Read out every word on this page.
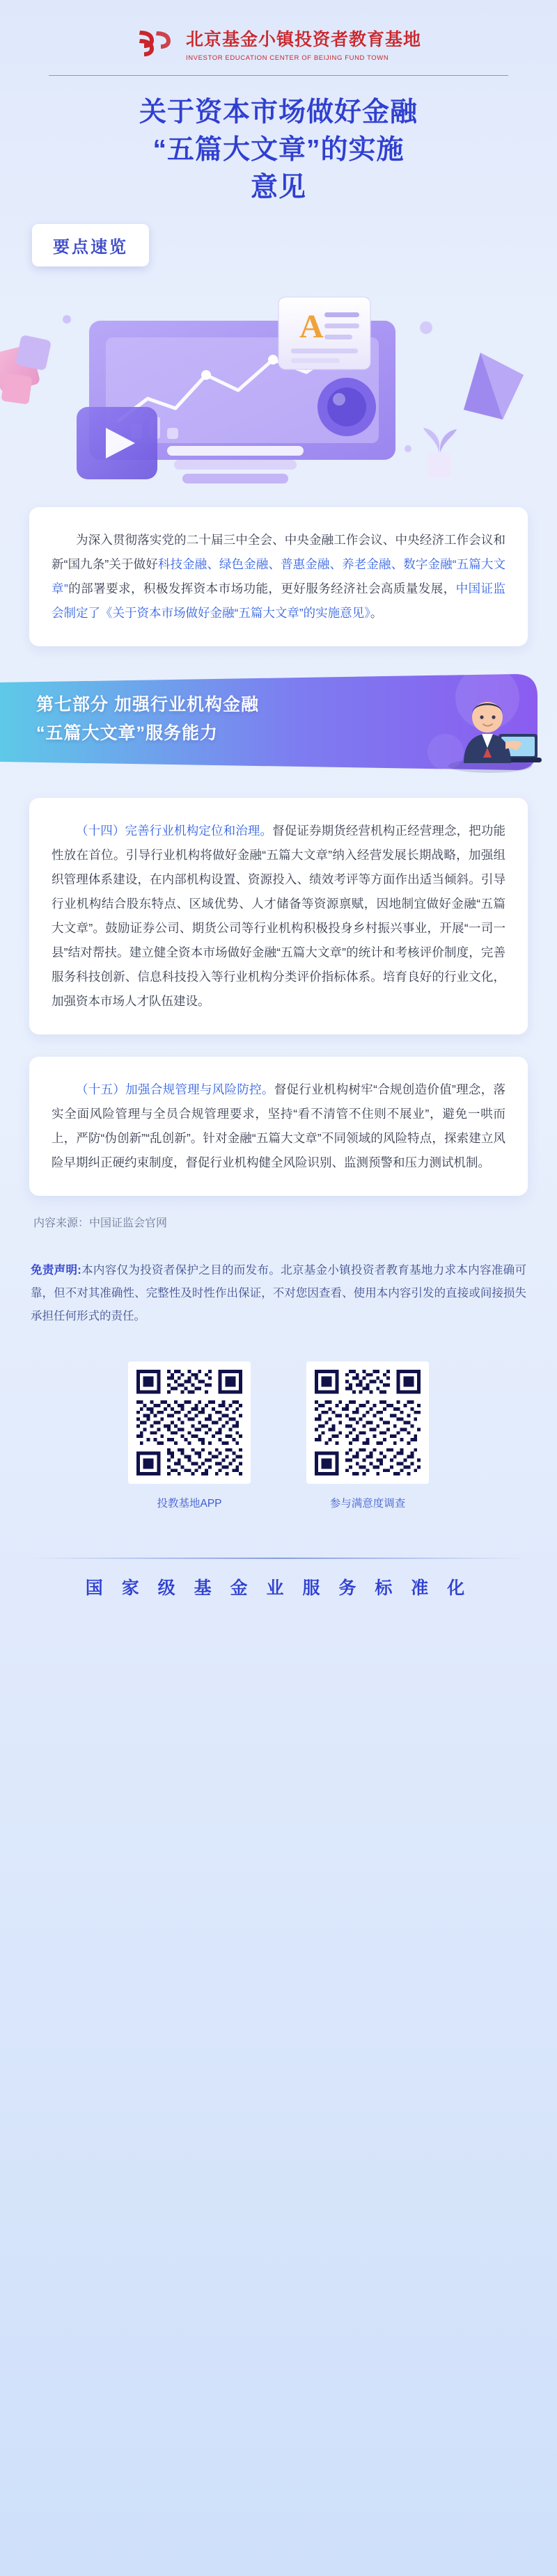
北京基金小镇投资者教育基地
INVESTOR EDUCATION CENTER OF BEIJING FUND TOWN
关于资本市场做好金融
“五篇大文章”的实施
意见
要点速览
A

为深入贯彻落实党的二十届三中全会、中央金融工作会议、中央经济工作会议和新“国九条”关于做好科技金融、绿色金融、普惠金融、养老金融、数字金融“五篇大文章”的部署要求，积极发挥资本市场功能，更好服务经济社会高质量发展，中国证监会制定了《关于资本市场做好金融“五篇大文章”的实施意见》。

第七部分 加强行业机构金融
“五篇大文章”服务能力

（十四）完善行业机构定位和治理。督促证券期货经营机构正经营理念，把功能性放在首位。引导行业机构将做好金融“五篇大文章”纳入经营发展长期战略，加强组织管理体系建设，在内部机构设置、资源投入、绩效考评等方面作出适当倾斜。引导行业机构结合股东特点、区域优势、人才储备等资源禀赋，因地制宜做好金融“五篇大文章”。鼓励证券公司、期货公司等行业机构积极投身乡村振兴事业，开展“一司一县”结对帮扶。建立健全资本市场做好金融“五篇大文章”的统计和考核评价制度，完善服务科技创新、信息科技投入等行业机构分类评价指标体系。培育良好的行业文化，加强资本市场人才队伍建设。

（十五）加强合规管理与风险防控。督促行业机构树牢“合规创造价值”理念，落实全面风险管理与全员合规管理要求，坚持“看不清管不住则不展业”，避免一哄而上，严防“伪创新”“乱创新”。针对金融“五篇大文章”不同领域的风险特点，探索建立风险早期纠正硬约束制度，督促行业机构健全风险识别、监测预警和压力测试机制。

内容来源：中国证监会官网
免责声明:本内容仅为投资者保护之目的而发布。北京基金小镇投资者教育基地力求本内容准确可靠，但不对其准确性、完整性及时性作出保证，不对您因查看、使用本内容引发的直接或间接损失承担任何形式的责任。
投教基地APP	参与满意度调查
国 家 级 基 金 业 服 务 标 准 化
